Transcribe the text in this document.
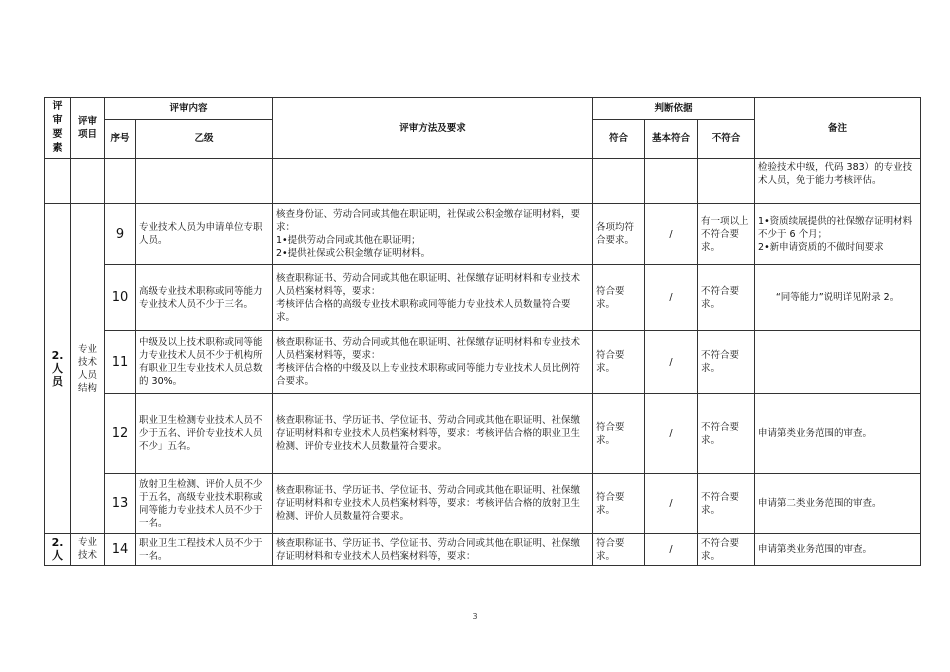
评审要素	评审项目	评审内容		评审方法及要求	判断依据			备注
		序号	乙级		符合	基本符合	不符合	
								检验技术中级，代码 383）的专业技术人员，免于能力考核评估。
2.人员	专业技术人员结构	9	专业技术人员为申请单位专职人员。	核查身份证、劳动合同或其他在职证明，社保或公积金缴存证明材料，要求：
1•提供劳动合同或其他在职证明；
2•提供社保或公积金缴存证明材料。	各项均符合要求。	/	有一项以上不符合要求。	1•资质续展提供的社保缴存证明材料不少于 6 个月；
2•新申请资质的不做时间要求

		10	高级专业技术职称或同等能力专业技术人员不少于三名。	核查职称证书、劳动合同或其他在职证明、社保缴存证明材料和专业技术人员档案材料等，要求：
考核评估合格的高级专业技术职称或同等能力专业技术人员数量符合要求。	符合要求。	/	不符合要求。	“同等能力”说明详见附录 2。
		11	中级及以上技术职称或同等能力专业技术人员不少于机构所有职业卫生专业技术人员总数的 30%。	核查职称证书、劳动合同或其他在职证明、社保缴存证明材料和专业技术人员档案材料等，要求：
考核评估合格的中级及以上专业技术职称或同等能力专业技术人员比例符合要求。	符合要求。	/	不符合要求。	
		12	职业卫生检测专业技术人员不少于五名、评价专业技术人员不少」五名。	核查职称证书、学历证书、学位证书、劳动合同或其他在职证明、社保缴存证明材料和专业技术人员档案材料等，要求：考核评估合格的职业卫生检测、评价专业技术人员数量符合要求。	符合要求。	/	不符合要求。	申请第类业务范围的审查。
		13	放射卫生检测、评价人员不少于五名，高级专业技术职称或同等能力专业技术人员不少于一名。	核查职称证书、学历证书、学位证书、劳动合同或其他在职证明、社保缴存证明材料和专业技术人员档案材料等，要求：考核评估合格的放射卫生检测、评价人员数量符合要求。	符合要求。	/	不符合要求。	申请第二类业务范围的审查。
2.人	专业技术	14	职业卫生工程技术人员不少于一名。	核查职称证书、学历证书、学位证书、劳动合同或其他在职证明、社保缴存证明材料和专业技术人员档案材料等，要求：	符合要求。	/	不符合要求。	申请第类业务范围的审查。
3
